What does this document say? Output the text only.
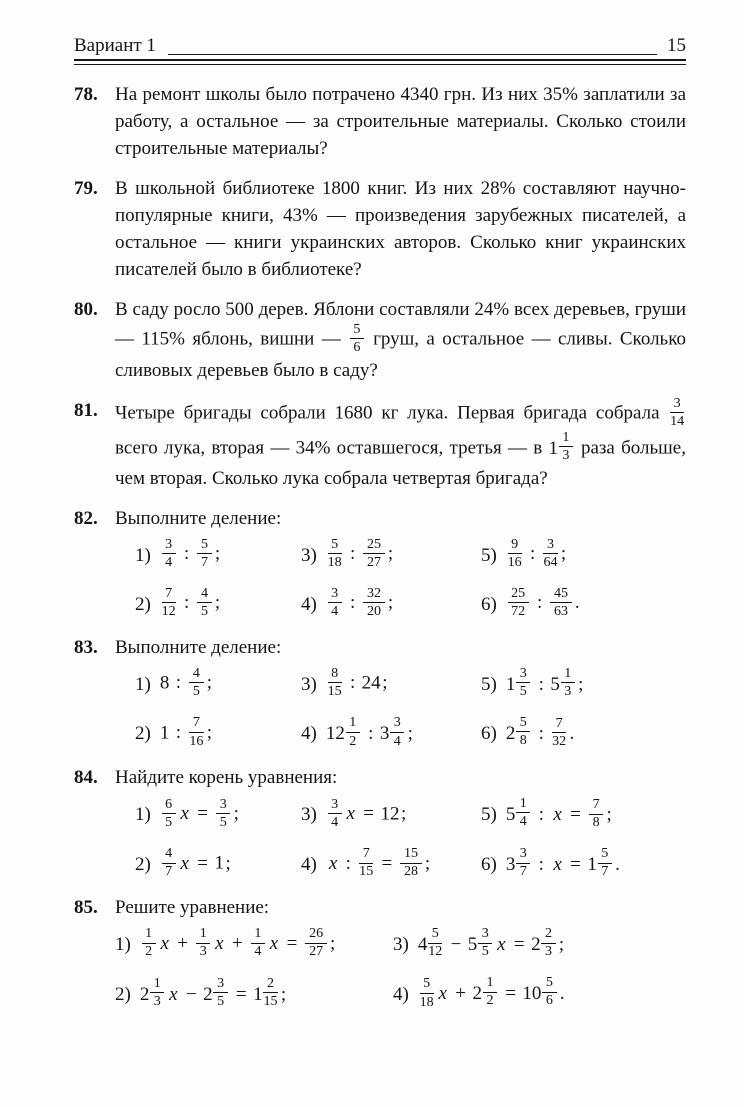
Вариант 1	15
78. На ремонт школы было потрачено 4340 грн. Из них 35% заплатили за работу, а остальное — за строительные материалы. Сколько стоили строительные материалы?

79. В школьной библиотеке 1800 книг. Из них 28% составляют научно-популярные книги, 43% — произведения зарубежных писателей, а остальное — книги украинских авторов. Сколько книг украинских писателей было в библиотеке?

80. В саду росло 500 дерев. Яблони составляли 24% всех деревьев, груши — 115% яблонь, вишни — $\frac{5}{6}$ груш, а остальное — сливы. Сколько сливовых деревьев было в саду?

81. Четыре бригады собрали 1680 кг лука. Первая бригада собрала $\frac{3}{14}$
всего лука, вторая — 34% оставшегося, третья — в $1 \frac{1}{3}$ раза больше, чем вторая. Сколько лука собрала четвертая бригада?

82. Выполните деление:

$1) \frac{3}{4}$ : $\frac{5}{7}$ ;	$3) \frac{5}{18}$ : $\frac{25}{27}$ ;	$5) \frac{9}{16}$ : $\frac{3}{64}$ ;
$2) \frac{7}{12}$ : $\frac{4}{5}$ ;	$4) \frac{3}{4}$ : $\frac{32}{20}$ ;	$6) \frac{25}{72}$ : $\frac{45}{63}$ .
83. Выполните деление:

1) 8 : $\frac{4}{5}$ ;	$3) \frac{8}{15}$ : 24;	5) $1 \frac{3}{5}$ : $5 \frac{1}{3}$ ;
2) 1 : $\frac{7}{16}$ ;	4) $12 \frac{1}{2}$ : $3 \frac{3}{4}$ ;	6) $2 \frac{5}{8}$ : $\frac{7}{32}$ .
84. Найдите корень уравнения:

$1) \frac{6}{5}$ $x = \frac{3}{5}$ ;	$3) \frac{3}{4}$ x = 12;	5) $5 \frac{1}{4}$ : $x = \frac{7}{8}$ ;
$2) \frac{4}{7}$ x = 1;	4) x : $\frac{7}{15} = \frac{15}{28}$ ;	6) $3 \frac{3}{7}$ : $x = 1 \frac{5}{7}$ .
85. Решите уравнение:

$1) \frac{1}{2}$ $x + \frac{1}{3}$ $x + \frac{1}{4}$ $x = \frac{26}{27}$ ;	3) $4 \frac{5}{12} - 5 \frac{3}{5}$ $x = 2 \frac{2}{3}$ ;
2) $2 \frac{1}{3}$ $x - 2 \frac{3}{5} = 1 \frac{2}{15}$ ;	$4) \frac{5}{18}$ $x + 2 \frac{1}{2} = 10 \frac{5}{6}$ .
